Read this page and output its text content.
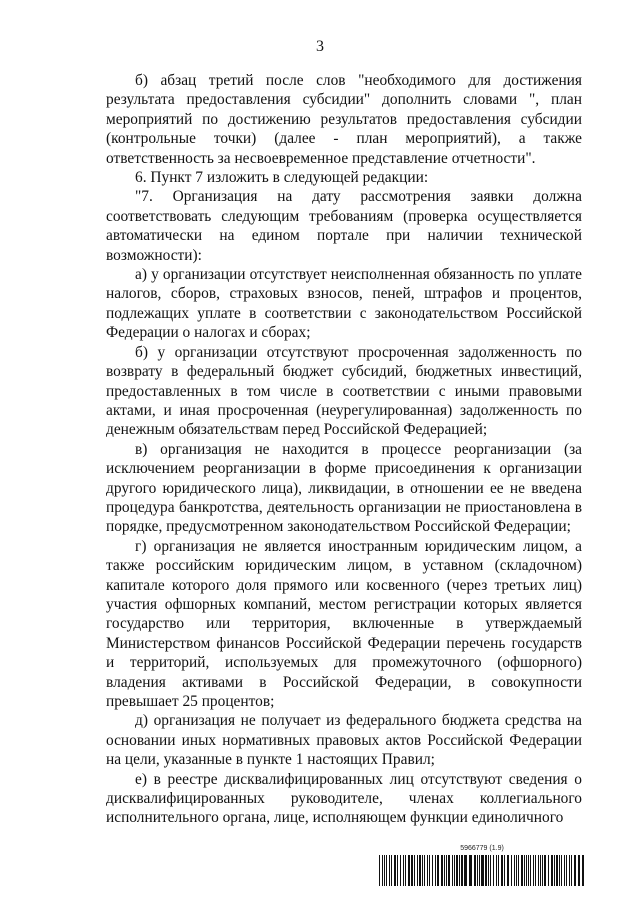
3

б) абзац третий после слов "необходимого для достижения результата предоставления субсидии" дополнить словами ", план мероприятий по достижению результатов предоставления субсидии (контрольные точки) (далее - план мероприятий), а также ответственность за несвоевременное представление отчетности".

6. Пункт 7 изложить в следующей редакции:

"7. Организация на дату рассмотрения заявки должна соответствовать следующим требованиям (проверка осуществляется автоматически на едином портале при наличии технической возможности):

а) у организации отсутствует неисполненная обязанность по уплате налогов, сборов, страховых взносов, пеней, штрафов и процентов, подлежащих уплате в соответствии с законодательством Российской Федерации о налогах и сборах;

б) у организации отсутствуют просроченная задолженность по возврату в федеральный бюджет субсидий, бюджетных инвестиций, предоставленных в том числе в соответствии с иными правовыми актами, и иная просроченная (неурегулированная) задолженность по денежным обязательствам перед Российской Федерацией;

в) организация не находится в процессе реорганизации (за исключением реорганизации в форме присоединения к организации другого юридического лица), ликвидации, в отношении ее не введена процедура банкротства, деятельность организации не приостановлена в порядке, предусмотренном законодательством Российской Федерации;

г) организация не является иностранным юридическим лицом, а также российским юридическим лицом, в уставном (складочном) капитале которого доля прямого или косвенного (через третьих лиц) участия офшорных компаний, местом регистрации которых является государство или территория, включенные в утверждаемый Министерством финансов Российской Федерации перечень государств и территорий, используемых для промежуточного (офшорного) владения активами в Российской Федерации, в совокупности превышает 25 процентов;

д) организация не получает из федерального бюджета средства на основании иных нормативных правовых актов Российской Федерации на цели, указанные в пункте 1 настоящих Правил;

е) в реестре дисквалифицированных лиц отсутствуют сведения о дисквалифицированных руководителе, членах коллегиального исполнительного органа, лице, исполняющем функции единоличного

5966779 (1.9)
